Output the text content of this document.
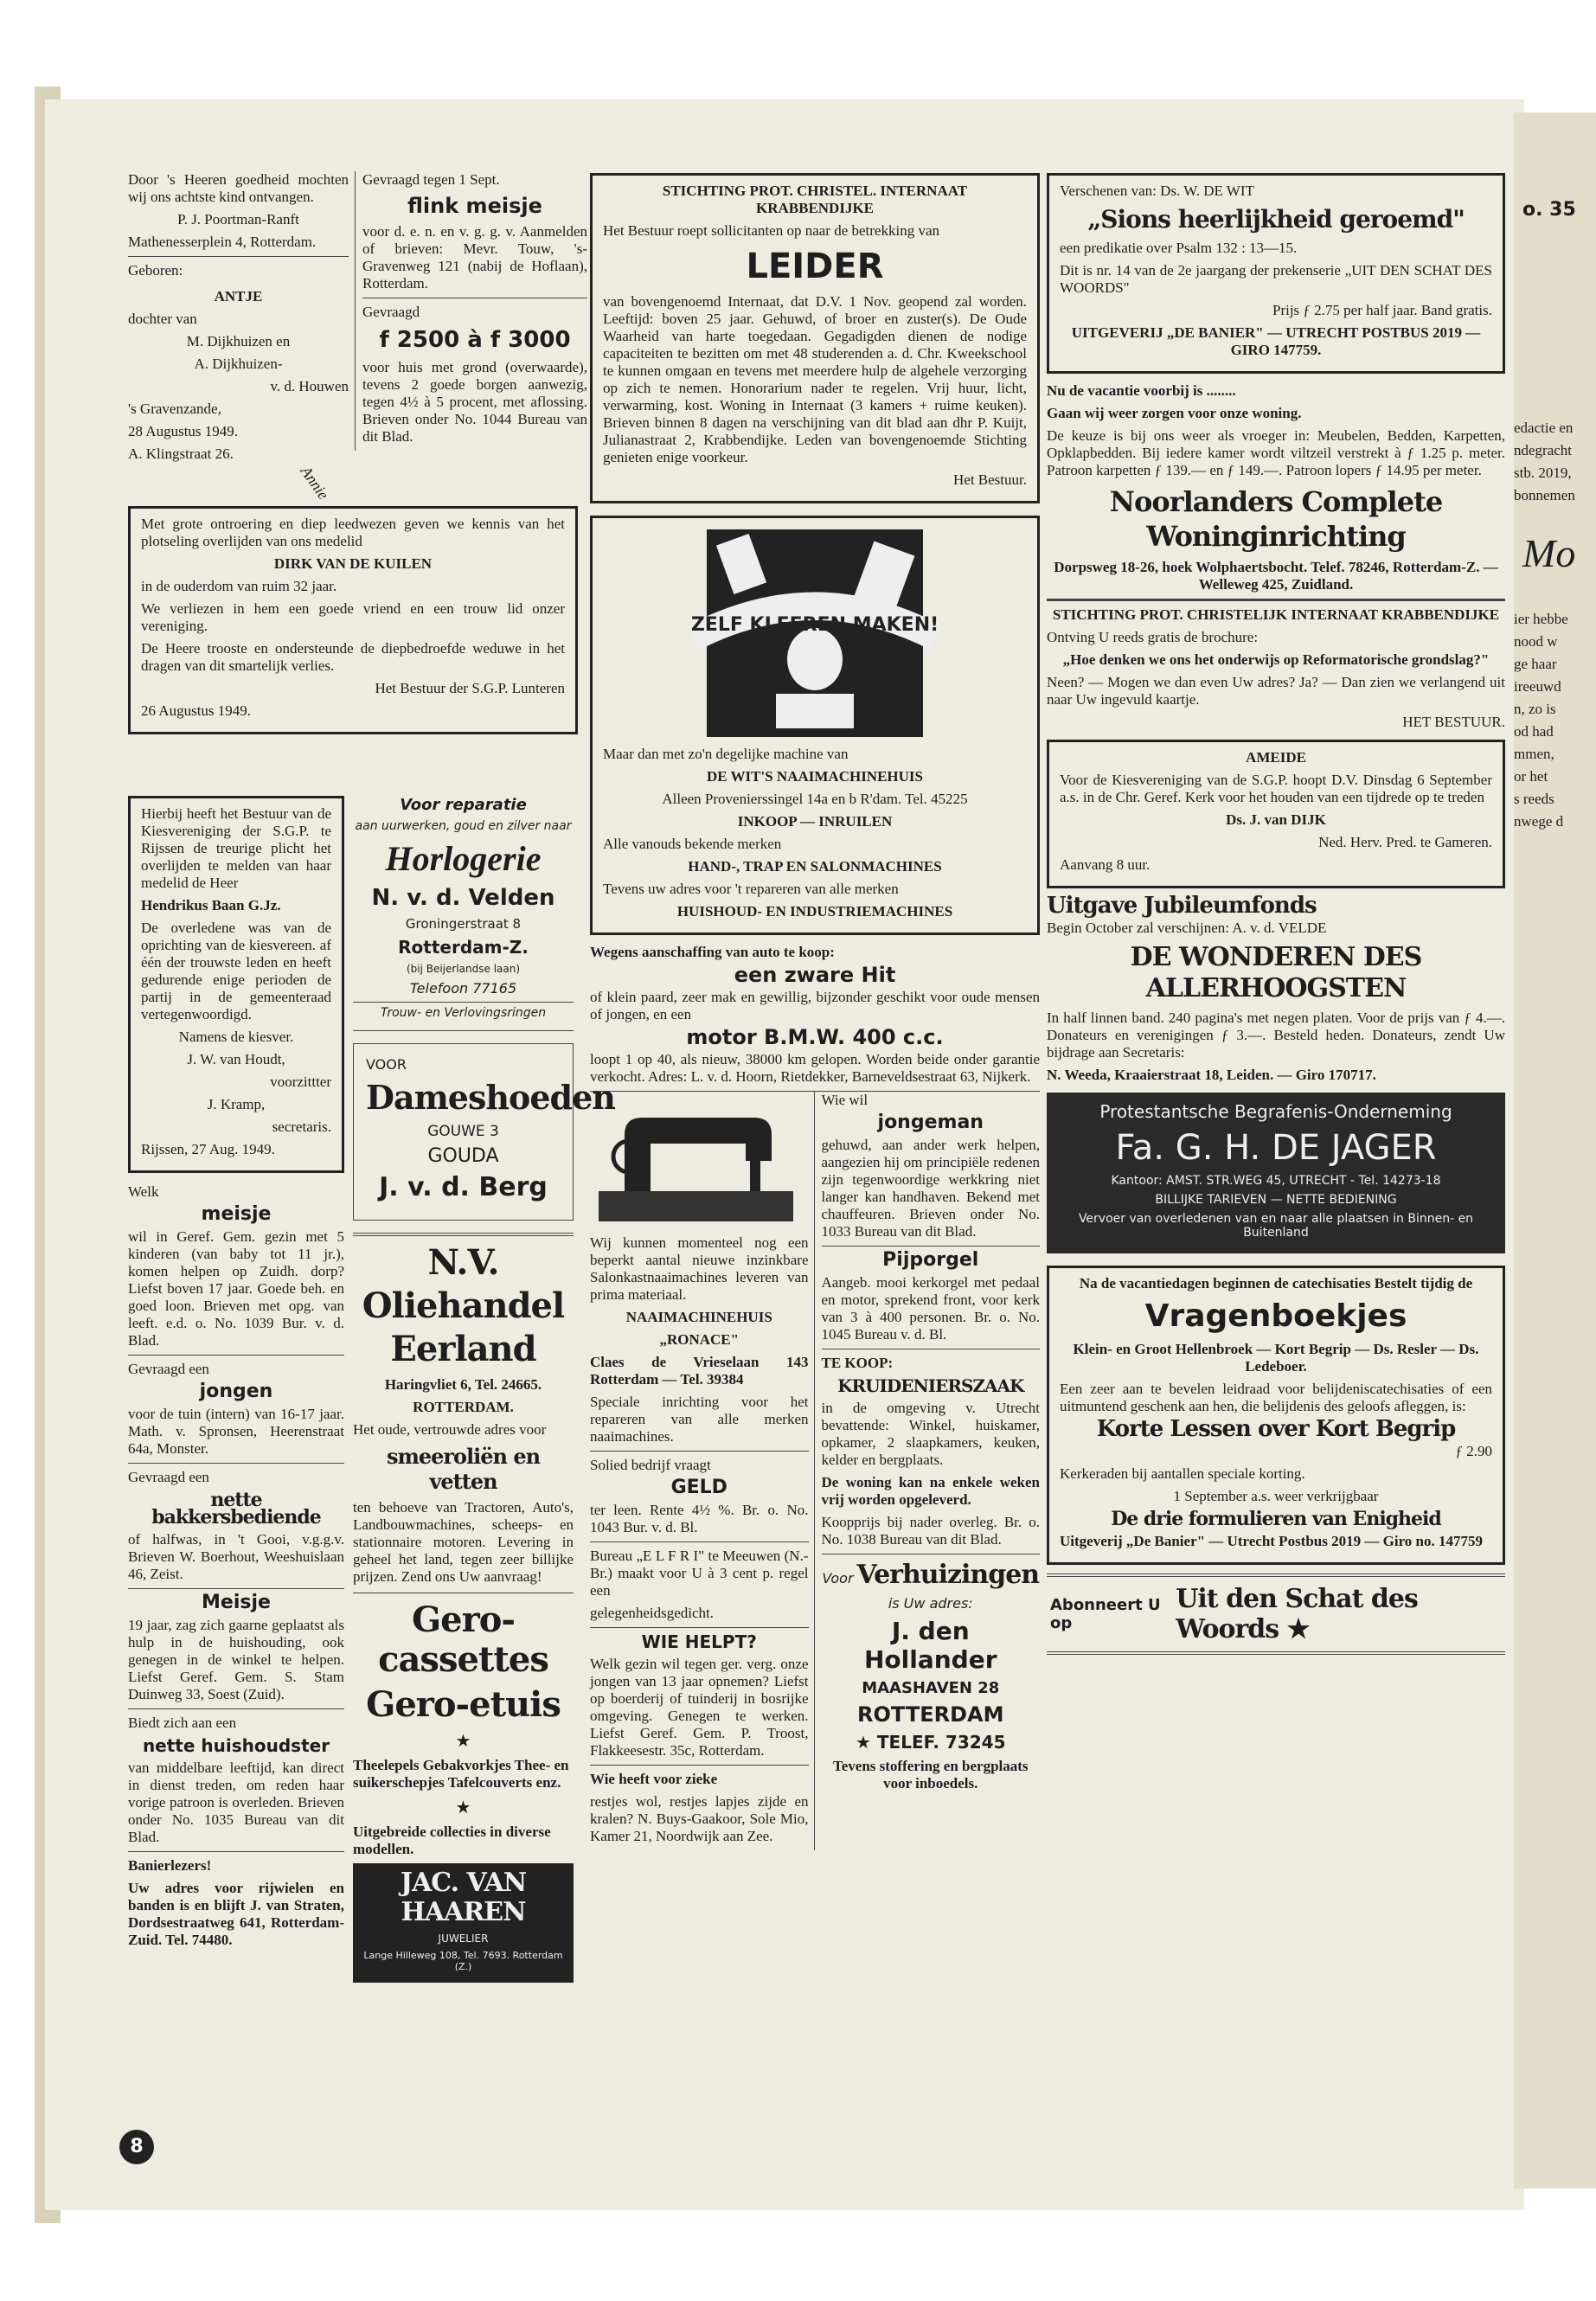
Door 's Heeren goedheid mochten wij ons achtste kind ontvangen.

P. J. Poortman-Ranft

Mathenesserplein 4, Rotterdam.

Geboren:

ANTJE

Annie

dochter van

M. Dijkhuizen en

A. Dijkhuizen-

v. d. Houwen

's Gravenzande,

28 Augustus 1949.

A. Klingstraat 26.

Gevraagd tegen 1 Sept.

flink meisje

voor d. e. n. en v. g. g. v. Aanmelden of brieven: Mevr. Touw, 's-Gravenweg 121 (nabij de Hoflaan), Rotterdam.

Gevraagd

f 2500 à f 3000

voor huis met grond (overwaarde), tevens 2 goede borgen aanwezig, tegen 4½ à 5 procent, met aflossing. Brieven onder No. 1044 Bureau van dit Blad.

Met grote ontroering en diep leedwezen geven we kennis van het plotseling overlijden van ons medelid

DIRK VAN DE KUILEN

in de ouderdom van ruim 32 jaar.

We verliezen in hem een goede vriend en een trouw lid onzer vereniging.

De Heere trooste en ondersteunde de diepbedroefde weduwe in het dragen van dit smartelijk verlies.

Het Bestuur der S.G.P. Lunteren

26 Augustus 1949.

Hierbij heeft het Bestuur van de Kiesvereniging der S.G.P. te Rijssen de treurige plicht het overlijden te melden van haar medelid de Heer

Hendrikus Baan G.Jz.

De overledene was van de oprichting van de kiesvereen. af één der trouwste leden en heeft gedurende enige perioden de partij in de gemeenteraad vertegenwoordigd.

Namens de kiesver.

J. W. van Houdt,

voorzittter

J. Kramp,

secretaris.

Rijssen, 27 Aug. 1949.

Welk

meisje

wil in Geref. Gem. gezin met 5 kinderen (van baby tot 11 jr.), komen helpen op Zuidh. dorp? Liefst boven 17 jaar. Goede beh. en goed loon. Brieven met opg. van leeft. e.d. o. No. 1039 Bur. v. d. Blad.

Gevraagd een

jongen

voor de tuin (intern) van 16-17 jaar. Math. v. Spronsen, Heerenstraat 64a, Monster.

Gevraagd een

nette bakkersbediende

of halfwas, in 't Gooi, v.g.g.v. Brieven W. Boerhout, Weeshuislaan 46, Zeist.

Meisje

19 jaar, zag zich gaarne geplaatst als hulp in de huishouding, ook genegen in de winkel te helpen. Liefst Geref. Gem. S. Stam Duinweg 33, Soest (Zuid).

Biedt zich aan een

nette huishoudster

van middelbare leeftijd, kan direct in dienst treden, om reden haar vorige patroon is overleden. Brieven onder No. 1035 Bureau van dit Blad.

Banierlezers!

Uw adres voor rijwielen en banden is en blijft J. van Straten, Dordsestraatweg 641, Rotterdam-Zuid. Tel. 74480.

Voor reparatie

aan uurwerken, goud en zilver naar

Horlogerie

N. v. d. Velden

Groningerstraat 8

Rotterdam-Z.

(bij Beijerlandse laan)

Telefoon 77165

Trouw- en Verlovingsringen

VOOR

Dameshoeden

GOUWE 3

GOUDA

J. v. d. Berg

N.V. Oliehandel Eerland

Haringvliet 6, Tel. 24665.

ROTTERDAM.

Het oude, vertrouwde adres voor

smeeroliën en vetten

ten behoeve van Tractoren, Auto's, Landbouwmachines, scheeps- en stationnaire motoren. Levering in geheel het land, tegen zeer billijke prijzen. Zend ons Uw aanvraag!

Gero-cassettes

Gero-etuis

★

Theelepels Gebakvorkjes Thee- en suikerschepjes Tafelcouverts enz.

★

Uitgebreide collecties in diverse modellen.

JAC. VAN HAAREN

JUWELIER

Lange Hilleweg 108, Tel. 7693. Rotterdam (Z.)

STICHTING PROT. CHRISTEL. INTERNAAT KRABBENDIJKE

Het Bestuur roept sollicitanten op naar de betrekking van

LEIDER

van bovengenoemd Internaat, dat D.V. 1 Nov. geopend zal worden. Leeftijd: boven 25 jaar. Gehuwd, of broer en zuster(s). De Oude Waarheid van harte toegedaan. Gegadigden dienen de nodige capaciteiten te bezitten om met 48 studerenden a. d. Chr. Kweekschool te kunnen omgaan en tevens met meerdere hulp de algehele verzorging op zich te nemen. Honorarium nader te regelen. Vrij huur, licht, verwarming, kost. Woning in Internaat (3 kamers + ruime keuken). Brieven binnen 8 dagen na verschijning van dit blad aan dhr P. Kuijt, Julianastraat 2, Krabbendijke. Leden van bovengenoemde Stichting genieten enige voorkeur.

Het Bestuur.

ZELF KLEEREN MAKEN!

Maar dan met zo'n degelijke machine van

DE WIT'S NAAIMACHINEHUIS

Alleen Provenierssingel 14a en b R'dam. Tel. 45225

INKOOP — INRUILEN

Alle vanouds bekende merken

HAND-, TRAP EN SALONMACHINES

Tevens uw adres voor 't repareren van alle merken

HUISHOUD- EN INDUSTRIEMACHINES

Wegens aanschaffing van auto te koop:

een zware Hit

of klein paard, zeer mak en gewillig, bijzonder geschikt voor oude mensen of jongen, en een

motor B.M.W. 400 c.c.

loopt 1 op 40, als nieuw, 38000 km gelopen. Worden beide onder garantie verkocht. Adres: L. v. d. Hoorn, Rietdekker, Barneveldsestraat 63, Nijkerk.

Wij kunnen momenteel nog een beperkt aantal nieuwe inzinkbare Salonkastnaaimachines leveren van prima materiaal.

NAAIMACHINEHUIS

„RONACE"

Claes de Vrieselaan 143 Rotterdam — Tel. 39384

Speciale inrichting voor het repareren van alle merken naaimachines.

Solied bedrijf vraagt

GELD

ter leen. Rente 4½ %. Br. o. No. 1043 Bur. v. d. Bl.

Bureau „E L F R I" te Meeuwen (N.-Br.) maakt voor U à 3 cent p. regel een

gelegenheidsgedicht.

WIE HELPT?

Welk gezin wil tegen ger. verg. onze jongen van 13 jaar opnemen? Liefst op boerderij of tuinderij in bosrijke omgeving. Genegen te werken. Liefst Geref. Gem. P. Troost, Flakkeesestr. 35c, Rotterdam.

Wie heeft voor zieke

restjes wol, restjes lapjes zijde en kralen? N. Buys-Gaakoor, Sole Mio, Kamer 21, Noordwijk aan Zee.

Wie wil

jongeman

gehuwd, aan ander werk helpen, aangezien hij om principiële redenen zijn tegenwoordige werkkring niet langer kan handhaven. Bekend met chauffeuren. Brieven onder No. 1033 Bureau van dit Blad.

Pijporgel

Aangeb. mooi kerkorgel met pedaal en motor, sprekend front, voor kerk van 3 à 400 personen. Br. o. No. 1045 Bureau v. d. Bl.

TE KOOP:

KRUIDENIERSZAAK

in de omgeving v. Utrecht bevattende: Winkel, huiskamer, opkamer, 2 slaapkamers, keuken, kelder en bergplaats.

De woning kan na enkele weken vrij worden opgeleverd.

Koopprijs bij nader overleg. Br. o. No. 1038 Bureau van dit Blad.

Voor Verhuizingen

is Uw adres:

J. den Hollander

MAASHAVEN 28

ROTTERDAM

★ TELEF. 73245

Tevens stoffering en bergplaats voor inboedels.

Verschenen van: Ds. W. DE WIT

„Sions heerlijkheid geroemd"

een predikatie over Psalm 132 : 13—15.

Dit is nr. 14 van de 2e jaargang der prekenserie „UIT DEN SCHAT DES WOORDS"

Prijs ƒ 2.75 per half jaar. Band gratis.

UITGEVERIJ „DE BANIER" — UTRECHT POSTBUS 2019 — GIRO 147759.

Nu de vacantie voorbij is ........

Gaan wij weer zorgen voor onze woning.

De keuze is bij ons weer als vroeger in: Meubelen, Bedden, Karpetten, Opklapbedden. Bij iedere kamer wordt viltzeil verstrekt à ƒ 1.25 p. meter. Patroon karpetten ƒ 139.— en ƒ 149.—. Patroon lopers ƒ 14.95 per meter.

Noorlanders Complete Woninginrichting

Dorpsweg 18-26, hoek Wolphaertsbocht. Telef. 78246, Rotterdam-Z. — Welleweg 425, Zuidland.

STICHTING PROT. CHRISTELIJK INTERNAAT KRABBENDIJKE

Ontving U reeds gratis de brochure:

„Hoe denken we ons het onderwijs op Reformatorische grondslag?"

Neen? — Mogen we dan even Uw adres? Ja? — Dan zien we verlangend uit naar Uw ingevuld kaartje.

HET BESTUUR.

AMEIDE

Voor de Kiesvereniging van de S.G.P. hoopt D.V. Dinsdag 6 September a.s. in de Chr. Geref. Kerk voor het houden van een tijdrede op te treden

Ds. J. van DIJK

Ned. Herv. Pred. te Gameren.

Aanvang 8 uur.

Uitgave Jubileumfonds

Begin October zal verschijnen: A. v. d. VELDE

DE WONDEREN DES ALLERHOOGSTEN

In half linnen band. 240 pagina's met negen platen. Voor de prijs van ƒ 4.—. Donateurs en verenigingen ƒ 3.—. Besteld heden. Donateurs, zendt Uw bijdrage aan Secretaris:

N. Weeda, Kraaierstraat 18, Leiden. — Giro 170717.

Protestantsche Begrafenis-Onderneming

Fa. G. H. DE JAGER

Kantoor: AMST. STR.WEG 45, UTRECHT - Tel. 14273-18

BILLIJKE TARIEVEN — NETTE BEDIENING

Vervoer van overledenen van en naar alle plaatsen in Binnen- en Buitenland

Na de vacantiedagen beginnen de catechisaties Bestelt tijdig de

Vragenboekjes

Klein- en Groot Hellenbroek — Kort Begrip — Ds. Resler — Ds. Ledeboer.

Een zeer aan te bevelen leidraad voor belijdeniscatechisaties of een uitmuntend geschenk aan hen, die belijdenis des geloofs afleggen, is:

Korte Lessen over Kort Begrip

ƒ 2.90

Kerkeraden bij aantallen speciale korting.

1 September a.s. weer verkrijgbaar

De drie formulieren van Enigheid

Uitgeverij „De Banier" — Utrecht Postbus 2019 — Giro no. 147759

Abonneert U op

Uit den Schat des Woords ★

o. 35

edactie en

ndegracht

stb. 2019,

bonnemen

Mo

ier hebbe

nood w

ge haar

ireeuwd

n, zo is

od had

mmen,

or het

s reeds

nwege d

8
